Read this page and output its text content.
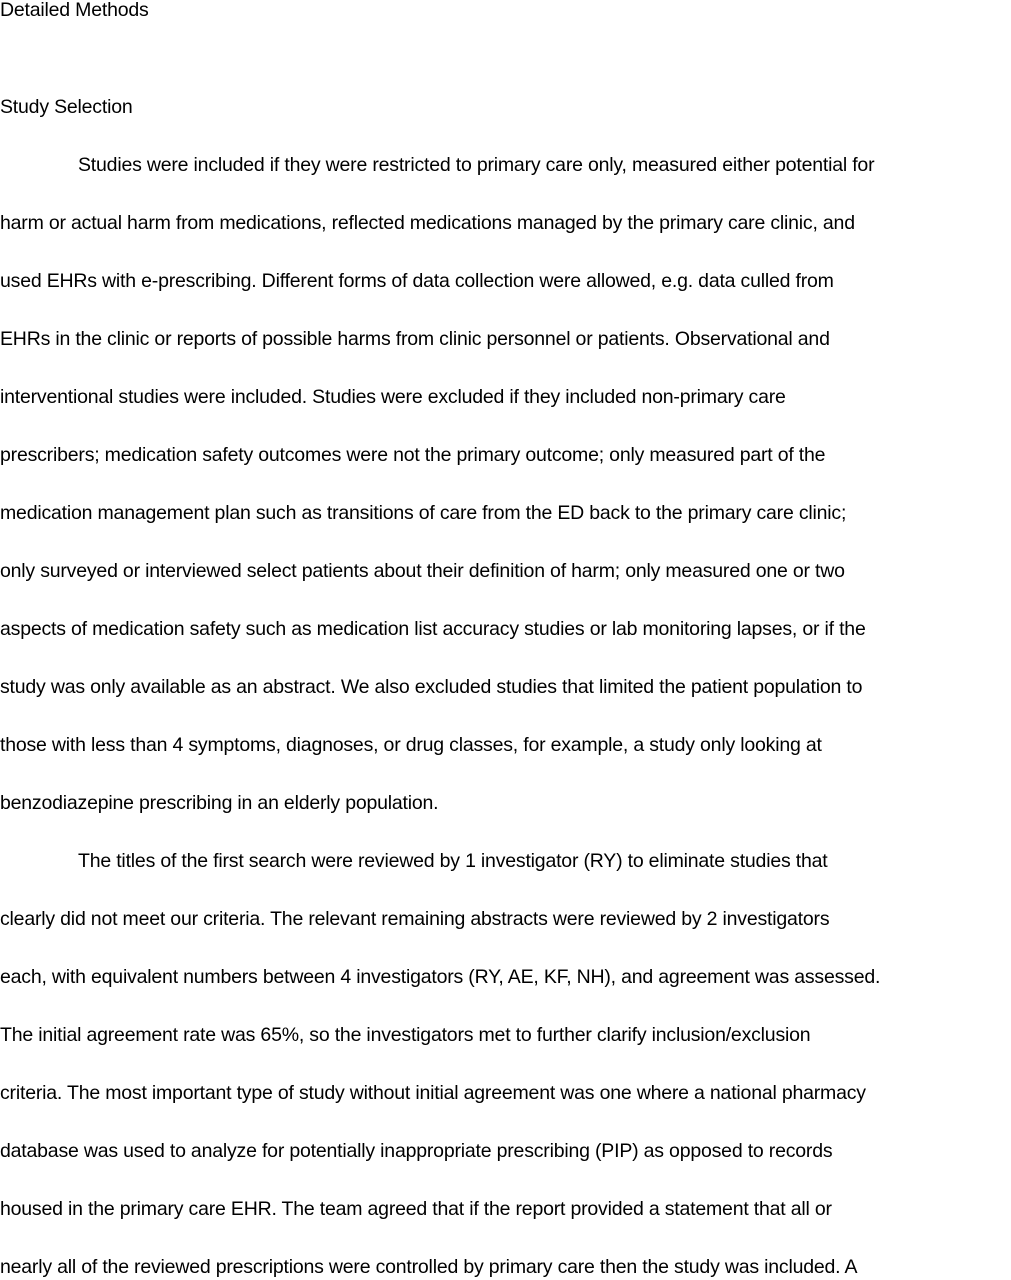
Detailed Methods
Study Selection
Studies were included if they were restricted to primary care only, measured either potential for
harm or actual harm from medications, reflected medications managed by the primary care clinic, and
used EHRs with e-prescribing. Different forms of data collection were allowed, e.g. data culled from
EHRs in the clinic or reports of possible harms from clinic personnel or patients. Observational and
interventional studies were included. Studies were excluded if they included non-primary care
prescribers; medication safety outcomes were not the primary outcome; only measured part of the
medication management plan such as transitions of care from the ED back to the primary care clinic;
only surveyed or interviewed select patients about their definition of harm; only measured one or two
aspects of medication safety such as medication list accuracy studies or lab monitoring lapses, or if the
study was only available as an abstract. We also excluded studies that limited the patient population to
those with less than 4 symptoms, diagnoses, or drug classes, for example, a study only looking at
benzodiazepine prescribing in an elderly population.
The titles of the first search were reviewed by 1 investigator (RY) to eliminate studies that
clearly did not meet our criteria. The relevant remaining abstracts were reviewed by 2 investigators
each, with equivalent numbers between 4 investigators (RY, AE, KF, NH), and agreement was assessed.
The initial agreement rate was 65%, so the investigators met to further clarify inclusion/exclusion
criteria. The most important type of study without initial agreement was one where a national pharmacy
database was used to analyze for potentially inappropriate prescribing (PIP) as opposed to records
housed in the primary care EHR. The team agreed that if the report provided a statement that all or
nearly all of the reviewed prescriptions were controlled by primary care then the study was included. A
